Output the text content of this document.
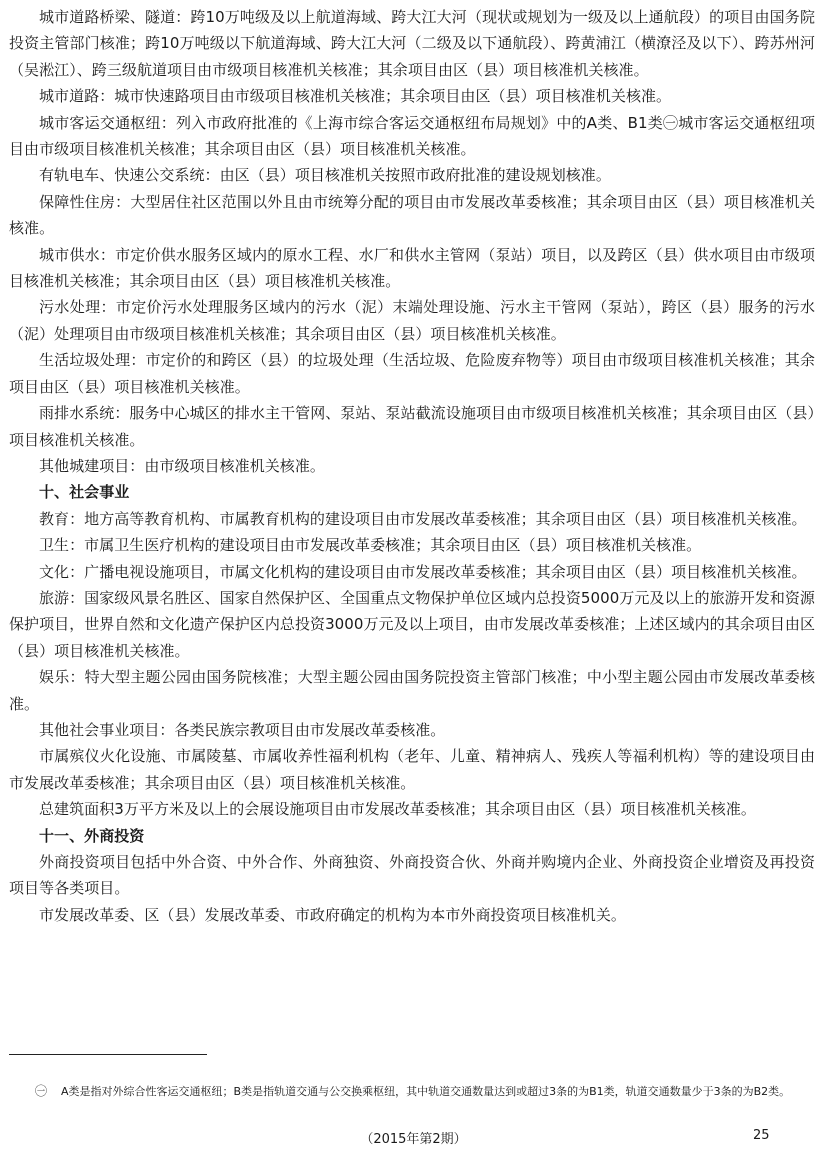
城市道路桥梁、隧道：跨10万吨级及以上航道海域、跨大江大河（现状或规划为一级及以上通航段）的项目由国务院投资主管部门核准；跨10万吨级以下航道海域、跨大江大河（二级及以下通航段）、跨黄浦江（横潦泾及以下）、跨苏州河（吴淞江）、跨三级航道项目由市级项目核准机关核准；其余项目由区（县）项目核准机关核准。

城市道路：城市快速路项目由市级项目核准机关核准；其余项目由区（县）项目核准机关核准。

城市客运交通枢纽：列入市政府批准的《上海市综合客运交通枢纽布局规划》中的A类、B1类㊀城市客运交通枢纽项目由市级项目核准机关核准；其余项目由区（县）项目核准机关核准。

有轨电车、快速公交系统：由区（县）项目核准机关按照市政府批准的建设规划核准。

保障性住房：大型居住社区范围以外且由市统筹分配的项目由市发展改革委核准；其余项目由区（县）项目核准机关核准。

城市供水：市定价供水服务区域内的原水工程、水厂和供水主管网（泵站）项目，以及跨区（县）供水项目由市级项目核准机关核准；其余项目由区（县）项目核准机关核准。

污水处理：市定价污水处理服务区域内的污水（泥）末端处理设施、污水主干管网（泵站），跨区（县）服务的污水（泥）处理项目由市级项目核准机关核准；其余项目由区（县）项目核准机关核准。

生活垃圾处理：市定价的和跨区（县）的垃圾处理（生活垃圾、危险废弃物等）项目由市级项目核准机关核准；其余项目由区（县）项目核准机关核准。

雨排水系统：服务中心城区的排水主干管网、泵站、泵站截流设施项目由市级项目核准机关核准；其余项目由区（县）项目核准机关核准。

其他城建项目：由市级项目核准机关核准。

十、社会事业

教育：地方高等教育机构、市属教育机构的建设项目由市发展改革委核准；其余项目由区（县）项目核准机关核准。

卫生：市属卫生医疗机构的建设项目由市发展改革委核准；其余项目由区（县）项目核准机关核准。

文化：广播电视设施项目，市属文化机构的建设项目由市发展改革委核准；其余项目由区（县）项目核准机关核准。

旅游：国家级风景名胜区、国家自然保护区、全国重点文物保护单位区域内总投资5000万元及以上的旅游开发和资源保护项目，世界自然和文化遗产保护区内总投资3000万元及以上项目，由市发展改革委核准；上述区域内的其余项目由区（县）项目核准机关核准。

娱乐：特大型主题公园由国务院核准；大型主题公园由国务院投资主管部门核准；中小型主题公园由市发展改革委核准。

其他社会事业项目：各类民族宗教项目由市发展改革委核准。

市属殡仪火化设施、市属陵墓、市属收养性福利机构（老年、儿童、精神病人、残疾人等福利机构）等的建设项目由市发展改革委核准；其余项目由区（县）项目核准机关核准。

总建筑面积3万平方米及以上的会展设施项目由市发展改革委核准；其余项目由区（县）项目核准机关核准。

十一、外商投资

外商投资项目包括中外合资、中外合作、外商独资、外商投资合伙、外商并购境内企业、外商投资企业增资及再投资项目等各类项目。

市发展改革委、区（县）发展改革委、市政府确定的机构为本市外商投资项目核准机关。

㊀ A类是指对外综合性客运交通枢纽；B类是指轨道交通与公交换乘枢纽，其中轨道交通数量达到或超过3条的为B1类，轨道交通数量少于3条的为B2类。
（2015年第2期）	25
